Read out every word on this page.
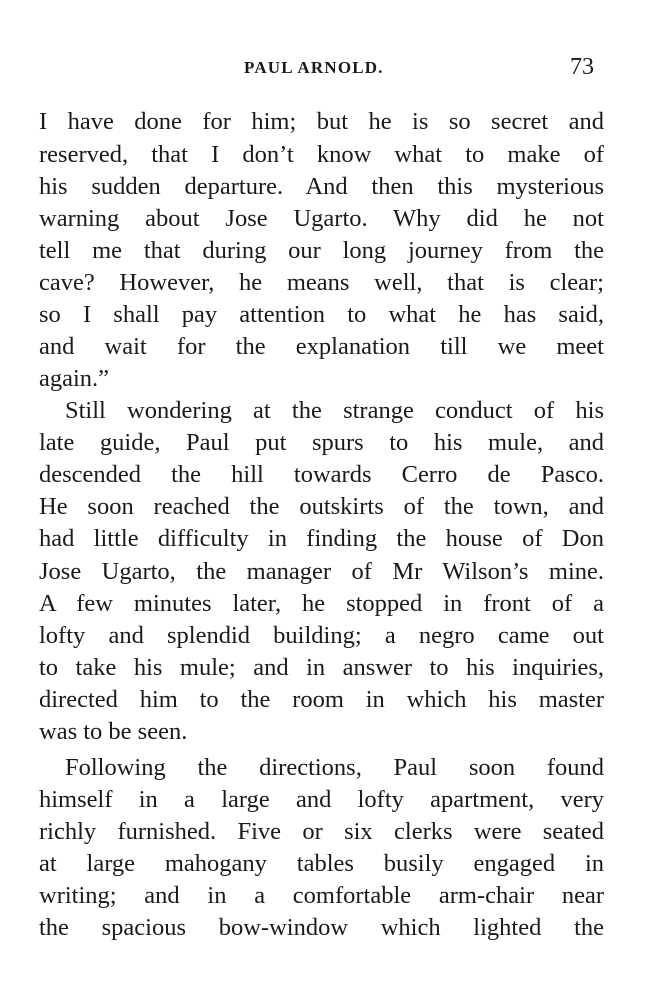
PAUL ARNOLD.	73
I have done for him; but he is so secret and
reserved, that I don’t know what to make of
his sudden departure. And then this mysterious
warning about Jose Ugarto. Why did he not
tell me that during our long journey from the
cave? However, he means well, that is clear;
so I shall pay attention to what he has said,
and wait for the explanation till we meet
again.”
Still wondering at the strange conduct of his
late guide, Paul put spurs to his mule, and
descended the hill towards Cerro de Pasco.
He soon reached the outskirts of the town, and
had little difficulty in finding the house of Don
Jose Ugarto, the manager of Mr Wilson’s mine.
A few minutes later, he stopped in front of a
lofty and splendid building; a negro came out
to take his mule; and in answer to his inquiries,
directed him to the room in which his master
was to be seen.
Following the directions, Paul soon found
himself in a large and lofty apartment, very
richly furnished. Five or six clerks were seated
at large mahogany tables busily engaged in
writing; and in a comfortable arm-chair near
the spacious bow-window which lighted the
